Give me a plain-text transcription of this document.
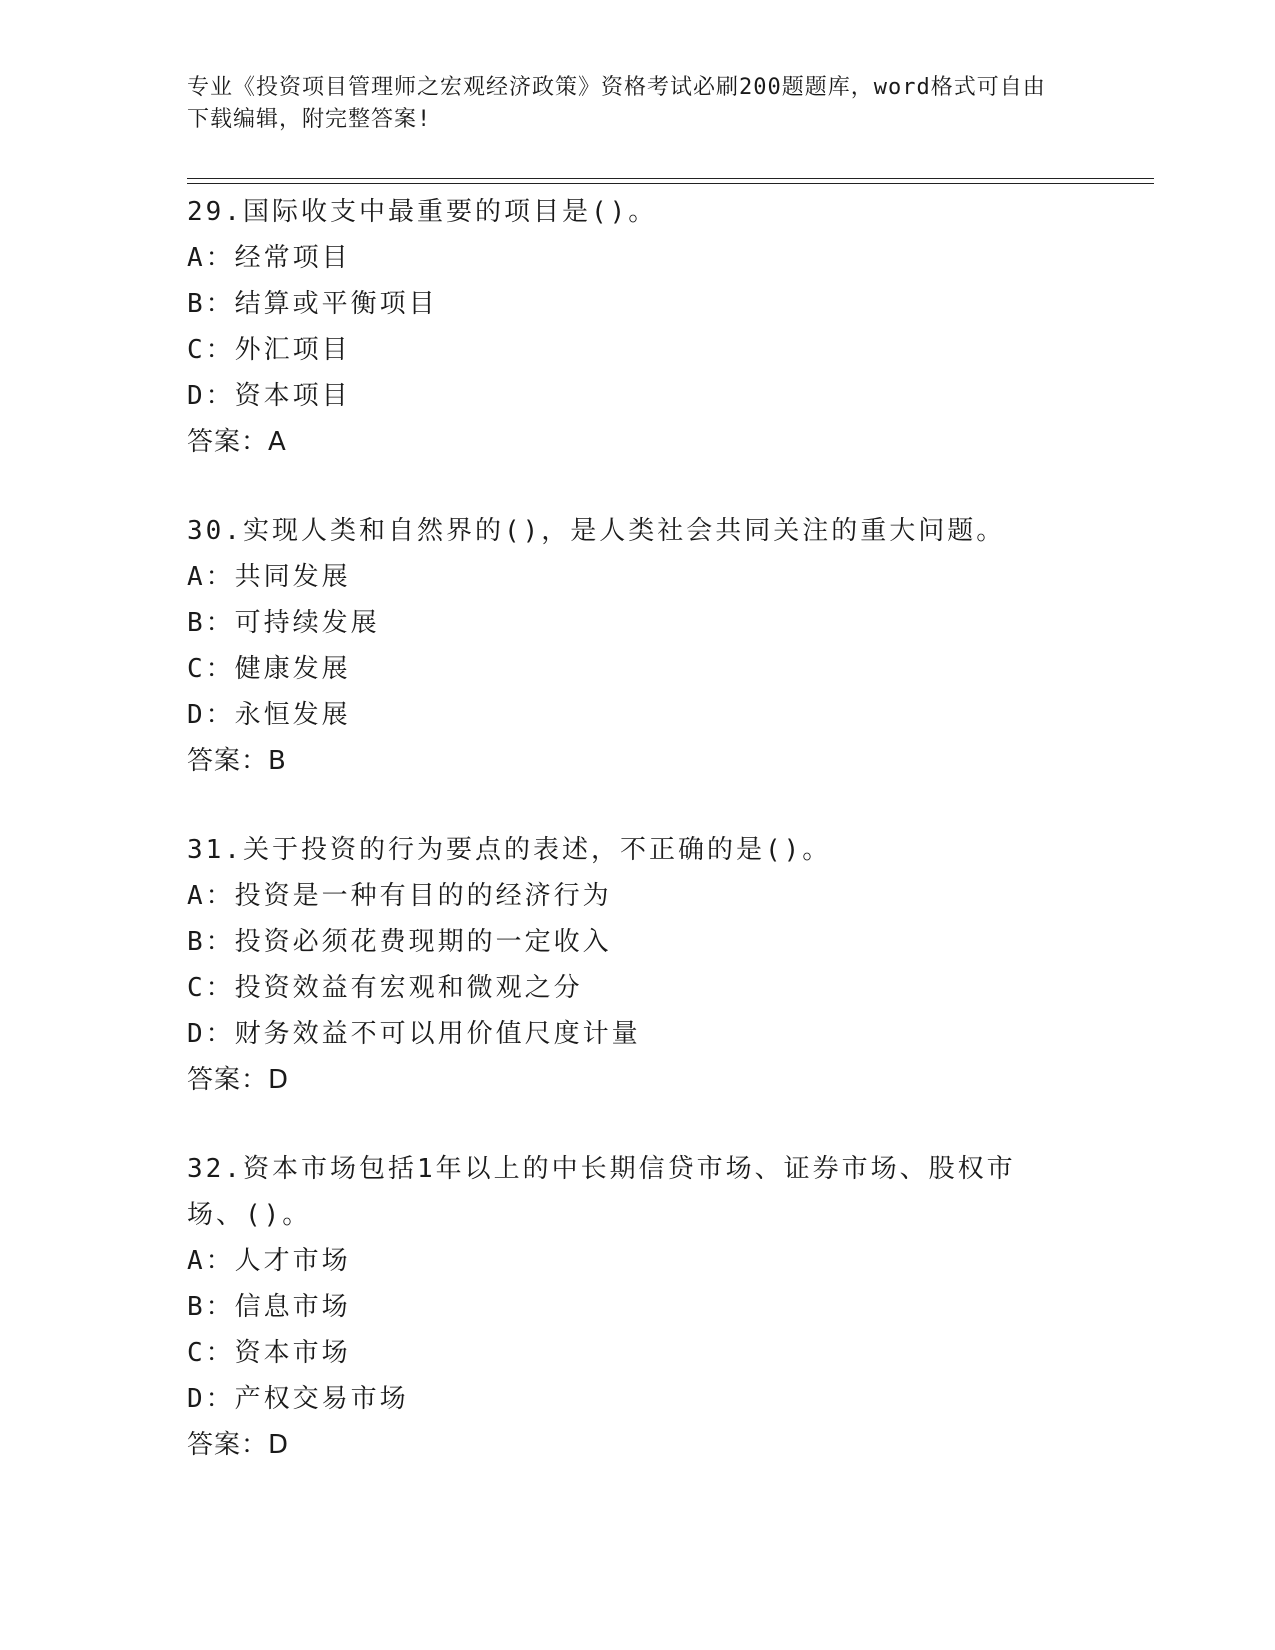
专业《投资项目管理师之宏观经济政策》资格考试必刷200题题库，word格式可自由下载编辑，附完整答案!
29.国际收支中最重要的项目是()。
A：经常项目
B：结算或平衡项目
C：外汇项目
D：资本项目
答案：A
30.实现人类和自然界的()，是人类社会共同关注的重大问题。
A：共同发展
B：可持续发展
C：健康发展
D：永恒发展
答案：B
31.关于投资的行为要点的表述，不正确的是()。
A：投资是一种有目的的经济行为
B：投资必须花费现期的一定收入
C：投资效益有宏观和微观之分
D：财务效益不可以用价值尺度计量
答案：D
32.资本市场包括1年以上的中长期信贷市场、证券市场、股权市场、()。
A：人才市场
B：信息市场
C：资本市场
D：产权交易市场
答案：D
